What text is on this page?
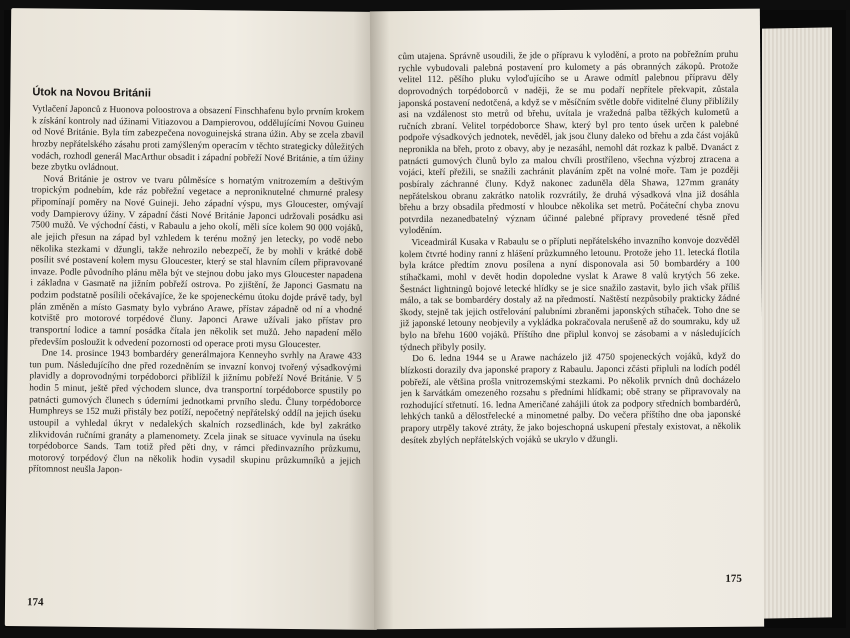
Útok na Novou Británii

Vytlačení Japonců z Huonova poloostrova a obsazení Finschhafenu bylo prvním krokem k získání kontroly nad úžinami Vitiazovou a Dampierovou, oddělujícími Novou Guineu od Nové Británie. Byla tím zabezpečena novoguinejská strana úžin. Aby se zcela zbavil hrozby nepřátelského zásahu proti zamýšleným operacím v těchto strategicky důležitých vodách, rozhodl generál MacArthur obsadit i západní pobřeží Nové Británie, a tím úžiny beze zbytku ovládnout.

Nová Británie je ostrov ve tvaru půlměsíce s hornatým vnitrozemím a deštivým tropickým podnebím, kde ráz pobřežní vegetace a neproniknutelné chmurné pralesy připomínají poměry na Nové Guineji. Jeho západní výspu, mys Gloucester, omývají vody Dampierovy úžiny. V západní části Nové Británie Japonci udržovali posádku asi 7500 mužů. Ve východní části, v Rabaulu a jeho okolí, měli síce kolem 90 000 vojáků, ale jejich přesun na západ byl vzhledem k terénu možný jen letecky, po vodě nebo několika stezkami v džungli, takže nehrozilo nebezpečí, že by mohli v krátké době posílit své postavení kolem mysu Gloucester, který se stal hlavním cílem připravované invaze. Podle původního plánu měla být ve stejnou dobu jako mys Gloucester napadena i základna v Gasmatě na jižním pobřeží ostrova. Po zjištění, že Japonci Gasmatu na podzim podstatně posílili očekávajíce, že ke spojeneckému útoku dojde právě tady, byl plán změněn a místo Gasmaty bylo vybráno Arawe, přístav západně od ní a vhodné kotviště pro motorové torpédové čluny. Japonci Arawe užívali jako přístav pro transportní lodice a tamní posádka čítala jen několik set mužů. Jeho napadení mělo především posloužit k odvedení pozornosti od operace proti mysu Gloucester.

Dne 14. prosince 1943 bombardéry generálmajora Kenneyho svrhly na Arawe 433 tun pum. Následujícího dne před rozedněním se invazní konvoj tvořený výsadkovými plavidly a doprovodnými torpédoborci přiblížil k jižnímu pobřeží Nové Británie. V 5 hodin 5 minut, ještě před východem slunce, dva transportní torpédoborce spustily po patnácti gumových člunech s úderními jednotkami prvního sledu. Čluny torpédoborce Humphreys se 152 muži přistály bez potíží, nepočetný nepřátelský oddíl na jejich úseku ustoupil a vyhledal úkryt v nedalekých skalních rozsedlinách, kde byl zakrátko zlikvidován ručními granáty a plamenomety. Zcela jinak se situace vyvinula na úseku torpédoborce Sands. Tam totiž před pěti dny, v rámci předinvazního průzkumu, motorový torpédový člun na několik hodin vysadil skupinu průzkumníků a jejich přítomnost neušla Japon-

174

cům utajena. Správně usoudili, že jde o přípravu k vylodění, a proto na pobřežním pruhu rychle vybudovali palebná postavení pro kulomety a pás obranných zákopů. Protože velitel 112. pěšího pluku vyloďujícího se u Arawe odmítl palebnou přípravu děly doprovodných torpédoborců v naději, že se mu podaří nepřítele překvapit, zůstala japonská postavení nedotčená, a když se v měsíčním světle dobře viditelné čluny přiblížily asi na vzdálenost sto metrů od břehu, uvítala je vražedná palba těžkých kulometů a ručních zbraní. Velitel torpédoborce Shaw, který byl pro tento úsek určen k palebné podpoře výsadkových jednotek, nevěděl, jak jsou čluny daleko od břehu a zda část vojáků nepronikla na břeh, proto z obavy, aby je nezasáhl, nemohl dát rozkaz k palbě. Dvanáct z patnácti gumových člunů bylo za malou chvíli prostříleno, všechna výzbroj ztracena a vojáci, kteří přežili, se snažili zachránit plaváním zpět na volné moře. Tam je později posbíraly záchranné čluny. Když nakonec zaduněla děla Shawa, 127mm granáty nepřátelskou obranu zakrátko natolik rozvrátily, že druhá výsadková vlna již dosáhla břehu a brzy obsadila předmostí v hloubce několika set metrů. Počáteční chyba znovu potvrdila nezanedbatelný význam účinné palebné přípravy provedené těsně před vyloděním.

Viceadmirál Kusaka v Rabaulu se o přípluti nepřátelského invazního konvoje dozvěděl kolem čtvrté hodiny ranní z hlášení průzkumného letounu. Protože jeho 11. letecká flotila byla krátce předtím znovu posílena a nyní disponovala asi 50 bombardéry a 100 stíhačkami, mohl v devět hodin dopoledne vyslat k Arawe 8 valů krytých 56 zeke. Šestnáct lightningů bojové letecké hlídky se je sice snažilo zastavit, bylo jich však příliš málo, a tak se bombardéry dostaly až na předmostí. Naštěstí nezpůsobily prakticky žádné škody, stejně tak jejich ostřelování palubními zbraněmi japonských stíhaček. Toho dne se již japonské letouny neobjevily a vykládka pokračovala nerušeně až do soumraku, kdy už bylo na břehu 1600 vojáků. Příštího dne připlul konvoj se zásobami a v následujících týdnech přibyly posily.

Do 6. ledna 1944 se u Arawe nacházelo již 4750 spojeneckých vojáků, když do blízkosti dorazily dva japonské prapory z Rabaulu. Japonci zčásti připluli na lodích podél pobřeží, ale většina prošla vnitrozemskými stezkami. Po několik prvních dnů docházelo jen k šarvátkám omezeného rozsahu s předními hlídkami; obě strany se připravovaly na rozhodující střetnutí. 16. ledna Američané zahájili útok za podpory středních bombardérů, lehkých tanků a dělostřelecké a minometné palby. Do večera příštího dne oba japonské prapory utrpěly takové ztráty, že jako bojeschopná uskupení přestaly existovat, a několik desítek zbylých nepřátelských vojáků se ukrylo v džungli.

175
